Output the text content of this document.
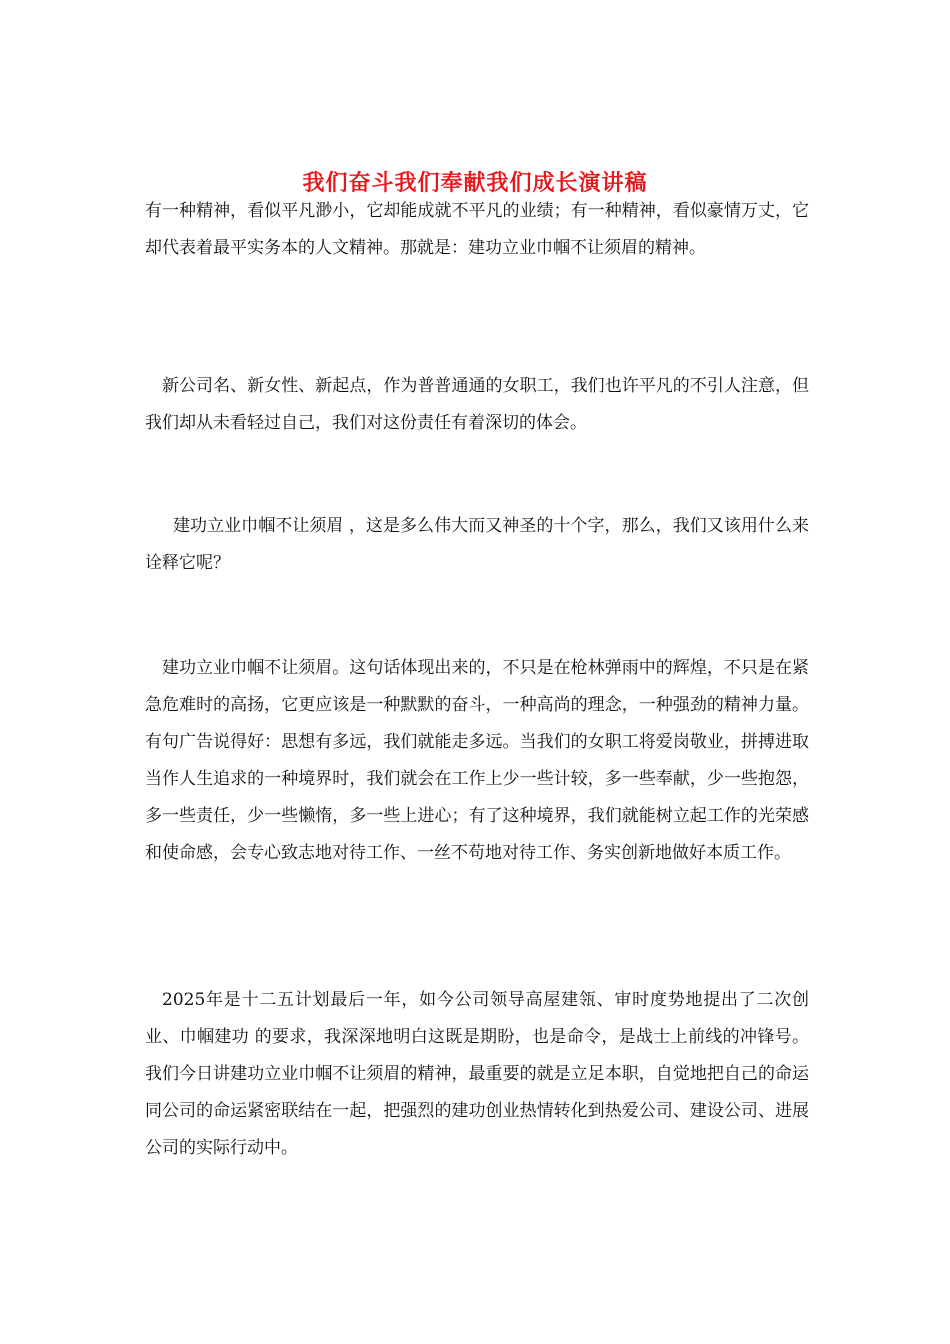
我们奋斗我们奉献我们成长演讲稿

有一种精神，看似平凡渺小，它却能成就不平凡的业绩；有一种精神，看似豪情万丈，它却代表着最平实务本的人文精神。那就是：建功立业巾帼不让须眉的精神。

新公司名、新女性、新起点，作为普普通通的女职工，我们也许平凡的不引人注意，但我们却从未看轻过自己，我们对这份责任有着深切的体会。

建功立业巾帼不让须眉 ，这是多么伟大而又神圣的十个字，那么，我们又该用什么来诠释它呢？

建功立业巾帼不让须眉。这句话体现出来的，不只是在枪林弹雨中的辉煌，不只是在紧急危难时的高扬，它更应该是一种默默的奋斗，一种高尚的理念，一种强劲的精神力量。有句广告说得好：思想有多远，我们就能走多远。当我们的女职工将爱岗敬业，拼搏进取当作人生追求的一种境界时，我们就会在工作上少一些计较，多一些奉献，少一些抱怨，多一些责任，少一些懒惰，多一些上进心；有了这种境界，我们就能树立起工作的光荣感和使命感，会专心致志地对待工作、一丝不苟地对待工作、务实创新地做好本质工作。

2025年是十二五计划最后一年，如今公司领导高屋建瓴、审时度势地提出了二次创业、巾帼建功 的要求，我深深地明白这既是期盼，也是命令，是战士上前线的冲锋号。我们今日讲建功立业巾帼不让须眉的精神，最重要的就是立足本职，自觉地把自己的命运同公司的命运紧密联结在一起，把强烈的建功创业热情转化到热爱公司、建设公司、进展公司的实际行动中。
